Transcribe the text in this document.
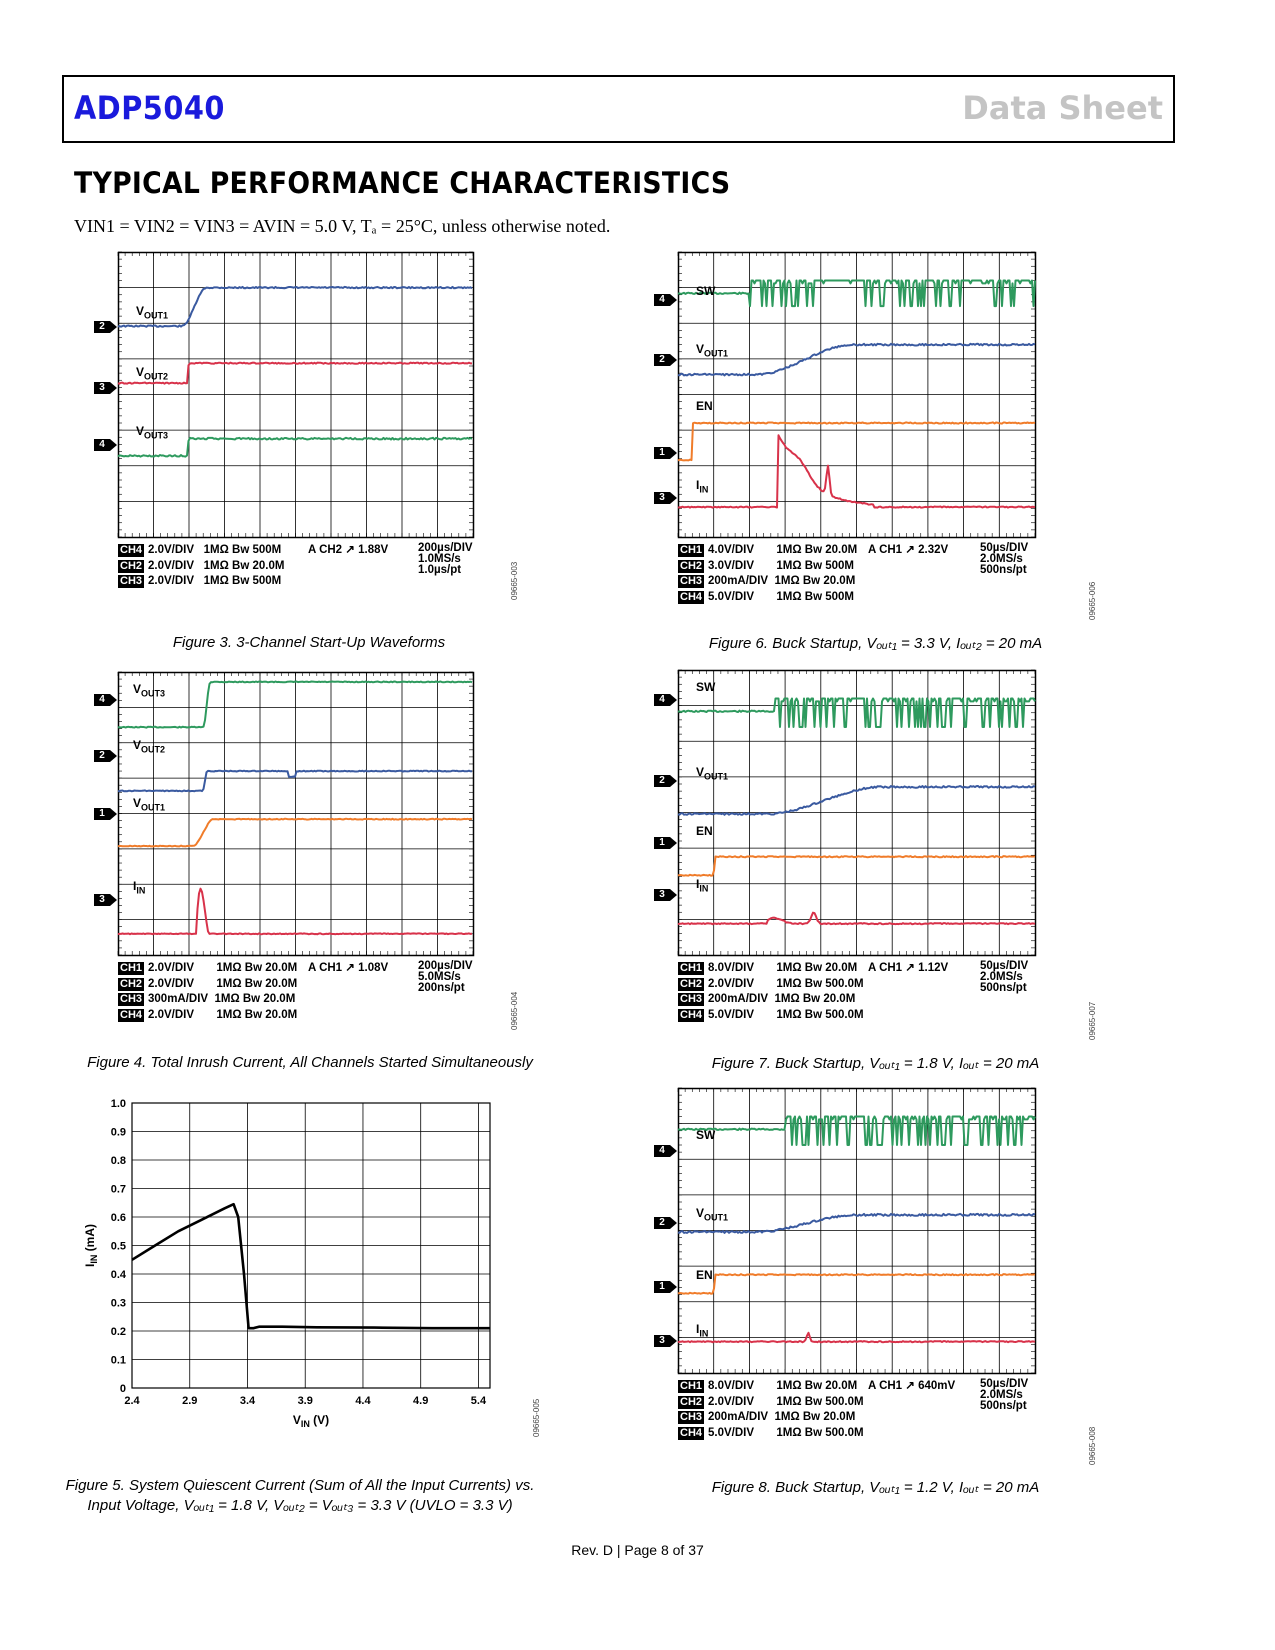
ADP5040	Data Sheet
TYPICAL PERFORMANCE CHARACTERISTICS
VIN1 = VIN2 = VIN3 = AVIN = 5.0 V, Tₐ = 25°C, unless otherwise noted.
$V_{OUT1}$
2
$V_{OUT2}$
3
$V_{OUT3}$
4
CH4 2.0V/DIV   1MΩ Bᴡ 500M
CH2 2.0V/DIV   1MΩ Bᴡ 20.0M
CH3 2.0V/DIV   1MΩ Bᴡ 500M
A CH2 ↗ 1.88V	200µs/DIV
1.0MS/s
1.0µs/pt
Figure 3. 3-Channel Start-Up Waveforms
09665-003
$V_{OUT3}$
4
$V_{OUT2}$
2
$V_{OUT1}$
1
$I_{IN}$
3
CH1 2.0V/DIV       1MΩ Bᴡ 20.0M
CH2 2.0V/DIV       1MΩ Bᴡ 20.0M
CH3 300mA/DIV  1MΩ Bᴡ 20.0M
CH4 2.0V/DIV       1MΩ Bᴡ 20.0M
A CH1 ↗ 1.08V	200µs/DIV
5.0MS/s
200ns/pt
Figure 4. Total Inrush Current, All Channels Started Simultaneously
09665-004
0
0.1
0.2
0.3
0.4
0.5
0.6
0.7
0.8
0.9
1.0
2.4	2.9	3.4	3.9	4.4	4.9	5.4
$V_{IN}$ (V)
$I_{IN}$ (mA)
Figure 5. System Quiescent Current (Sum of All the Input Currents) vs.
Input Voltage, Vₒᵤₜ₁ = 1.8 V, Vₒᵤₜ₂ = Vₒᵤₜ₃ = 3.3 V (UVLO = 3.3 V)
09665-005
SW
4
$V_{OUT1}$
2
EN
1
$I_{IN}$
3
CH1 4.0V/DIV       1MΩ Bᴡ 20.0M
CH2 3.0V/DIV       1MΩ Bᴡ 500M
CH3 200mA/DIV  1MΩ Bᴡ 20.0M
CH4 5.0V/DIV       1MΩ Bᴡ 500M
A CH1 ↗ 2.32V	50µs/DIV
2.0MS/s
500ns/pt
Figure 6. Buck Startup, Vₒᵤₜ₁ = 3.3 V, Iₒᵤₜ₂ = 20 mA
09665-006
SW
4
$V_{OUT1}$
2
EN
1
$I_{IN}$
3
CH1 8.0V/DIV       1MΩ Bᴡ 20.0M
CH2 2.0V/DIV       1MΩ Bᴡ 500.0M
CH3 200mA/DIV  1MΩ Bᴡ 20.0M
CH4 5.0V/DIV       1MΩ Bᴡ 500.0M
A CH1 ↗ 1.12V	50µs/DIV
2.0MS/s
500ns/pt
Figure 7. Buck Startup, Vₒᵤₜ₁ = 1.8 V, Iₒᵤₜ = 20 mA
09665-007
SW
4
$V_{OUT1}$
2
EN
1
$I_{IN}$
3
CH1 8.0V/DIV       1MΩ Bᴡ 20.0M
CH2 2.0V/DIV       1MΩ Bᴡ 500.0M
CH3 200mA/DIV  1MΩ Bᴡ 20.0M
CH4 5.0V/DIV       1MΩ Bᴡ 500.0M
A CH1 ↗ 640mV 50µs/DIV
2.0MS/s
500ns/pt
Figure 8. Buck Startup, Vₒᵤₜ₁ = 1.2 V, Iₒᵤₜ = 20 mA
09665-008
Rev. D | Page 8 of 37
